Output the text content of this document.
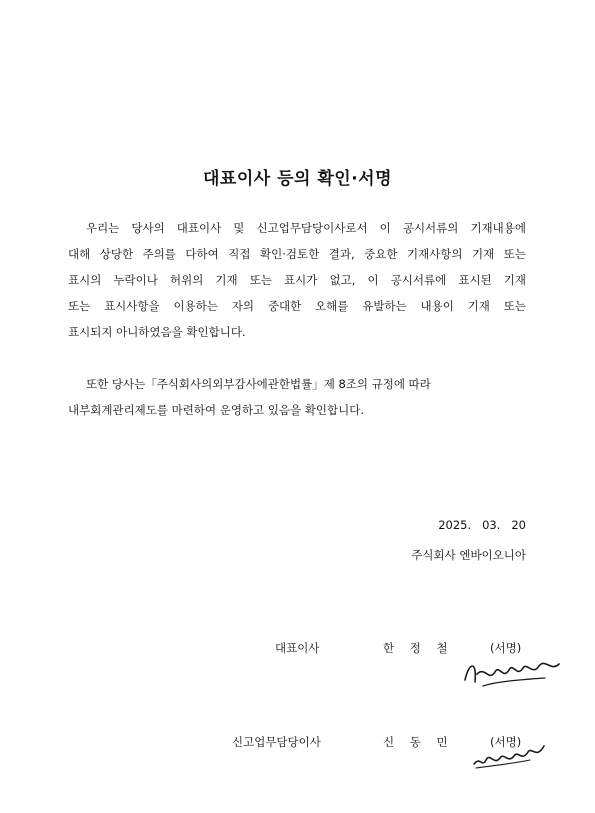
대표이사 등의 확인·서명
우리는 당사의 대표이사 및 신고업무담당이사로서 이 공시서류의 기재내용에
대해 상당한 주의를 다하여 직접 확인·검토한 결과, 중요한 기재사항의 기재 또는
표시의 누락이나 허위의 기재 또는 표시가 없고, 이 공시서류에 표시된 기재
또는 표시사항을 이용하는 자의 중대한 오해를 유발하는 내용이 기재 또는
표시되지 아니하였음을 확인합니다.
또한 당사는「주식회사의외부감사에관한법률」제 8조의 규정에 따라
내부회계관리제도를 마련하여 운영하고 있음을 확인합니다.

2025.   03.   20

주식회사 엔바이오니아

대표이사	한 정 철	(서명)
신고업무담당이사	신 동 민	(서명)
